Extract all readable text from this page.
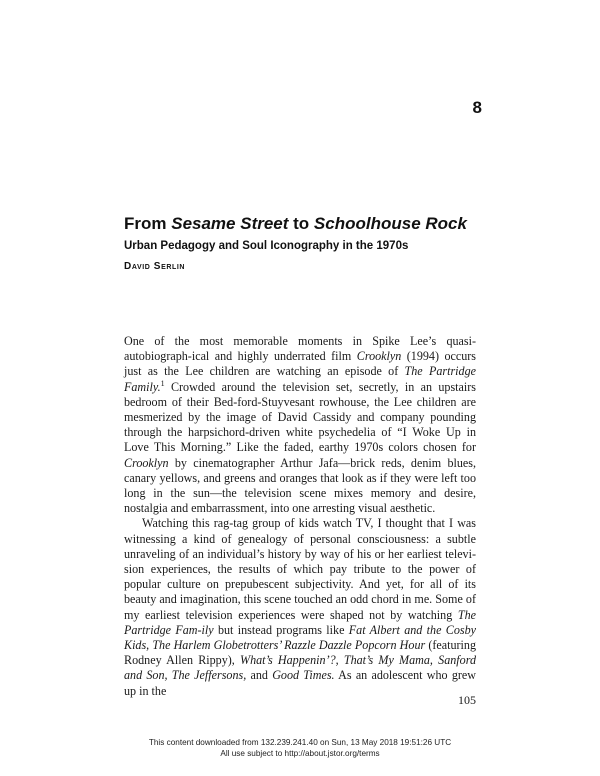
8
From Sesame Street to Schoolhouse Rock
Urban Pedagogy and Soul Iconography in the 1970s
David Serlin

One of the most memorable moments in Spike Lee’s quasi-autobiograph-ical and highly underrated film Crooklyn (1994) occurs just as the Lee children are watching an episode of The Partridge Family.$^1$ Crowded around the television set, secretly, in an upstairs bedroom of their Bed-ford-Stuyvesant rowhouse, the Lee children are mesmerized by the image of David Cassidy and company pounding through the harpsichord-driven white psychedelia of “I Woke Up in Love This Morning.” Like the faded, earthy 1970s colors chosen for Crooklyn by cinematographer Arthur Jafa—brick reds, denim blues, canary yellows, and greens and oranges that look as if they were left too long in the sun—the television scene mixes memory and desire, nostalgia and embarrassment, into one arresting visual aesthetic.

Watching this rag-tag group of kids watch TV, I thought that I was witnessing a kind of genealogy of personal consciousness: a subtle unraveling of an individual’s history by way of his or her earliest televi-sion experiences, the results of which pay tribute to the power of popular culture on prepubescent subjectivity. And yet, for all of its beauty and imagination, this scene touched an odd chord in me. Some of my earliest television experiences were shaped not by watching The Partridge Fam-ily but instead programs like Fat Albert and the Cosby Kids, The Harlem Globetrotters’ Razzle Dazzle Popcorn Hour (featuring Rodney Allen Rippy), What’s Happenin’?, That’s My Mama, Sanford and Son, The Jeffersons, and Good Times. As an adolescent who grew up in the

105
This content downloaded from 132.239.241.40 on Sun, 13 May 2018 19:51:26 UTC
All use subject to http://about.jstor.org/terms
